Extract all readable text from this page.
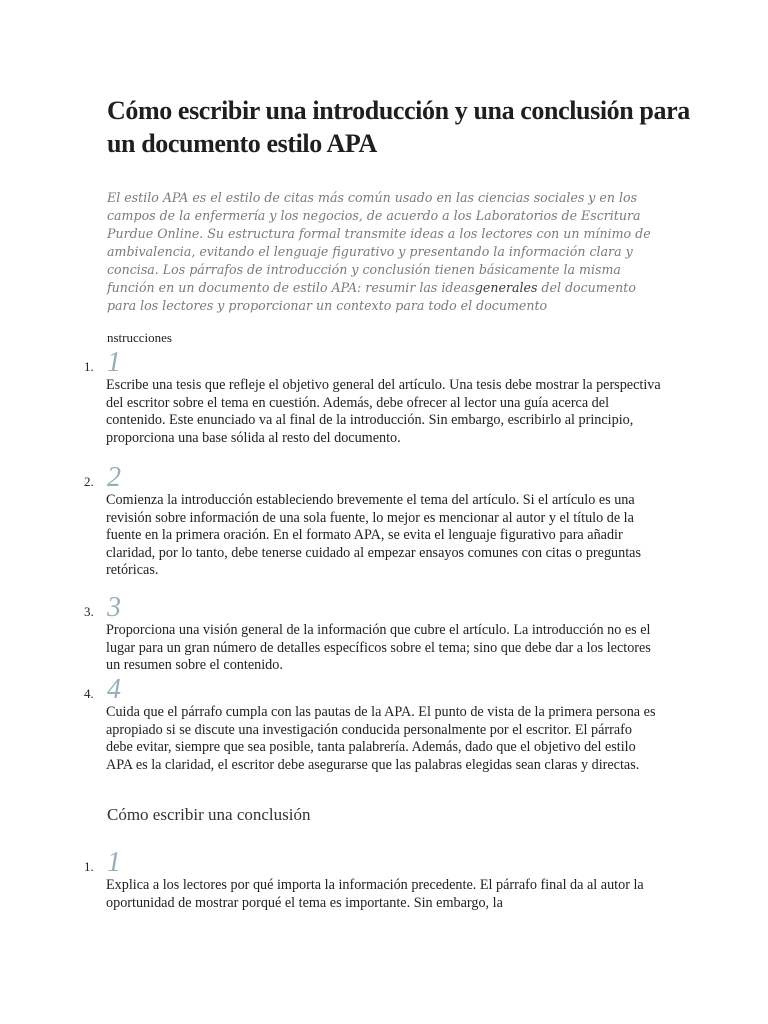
Cómo escribir una introducción y una conclusión para un documento estilo APA

El estilo APA es el estilo de citas más común usado en las ciencias sociales y en los campos de la enfermería y los negocios, de acuerdo a los Laboratorios de Escritura Purdue Online. Su estructura formal transmite ideas a los lectores con un mínimo de ambivalencia, evitando el lenguaje figurativo y presentando la información clara y concisa. Los párrafos de introducción y conclusión tienen básicamente la misma función en un documento de estilo APA: resumir las ideasgenerales del documento para los lectores y proporcionar un contexto para todo el documento

nstrucciones

1. 1

Escribe una tesis que refleje el objetivo general del artículo. Una tesis debe mostrar la perspectiva del escritor sobre el tema en cuestión. Además, debe ofrecer al lector una guía acerca del contenido. Este enunciado va al final de la introducción. Sin embargo, escribirlo al principio, proporciona una base sólida al resto del documento.

2. 2

Comienza la introducción estableciendo brevemente el tema del artículo. Si el artículo es una revisión sobre información de una sola fuente, lo mejor es mencionar al autor y el título de la fuente en la primera oración. En el formato APA, se evita el lenguaje figurativo para añadir claridad, por lo tanto, debe tenerse cuidado al empezar ensayos comunes con citas o preguntas retóricas.

3. 3

Proporciona una visión general de la información que cubre el artículo. La introducción no es el lugar para un gran número de detalles específicos sobre el tema; sino que debe dar a los lectores un resumen sobre el contenido.

4. 4

Cuida que el párrafo cumpla con las pautas de la APA. El punto de vista de la primera persona es apropiado si se discute una investigación conducida personalmente por el escritor. El párrafo debe evitar, siempre que sea posible, tanta palabrería. Además, dado que el objetivo del estilo APA es la claridad, el escritor debe asegurarse que las palabras elegidas sean claras y directas.

Cómo escribir una conclusión
1. 1

Explica a los lectores por qué importa la información precedente. El párrafo final da al autor la oportunidad de mostrar porqué el tema es importante. Sin embargo, la
